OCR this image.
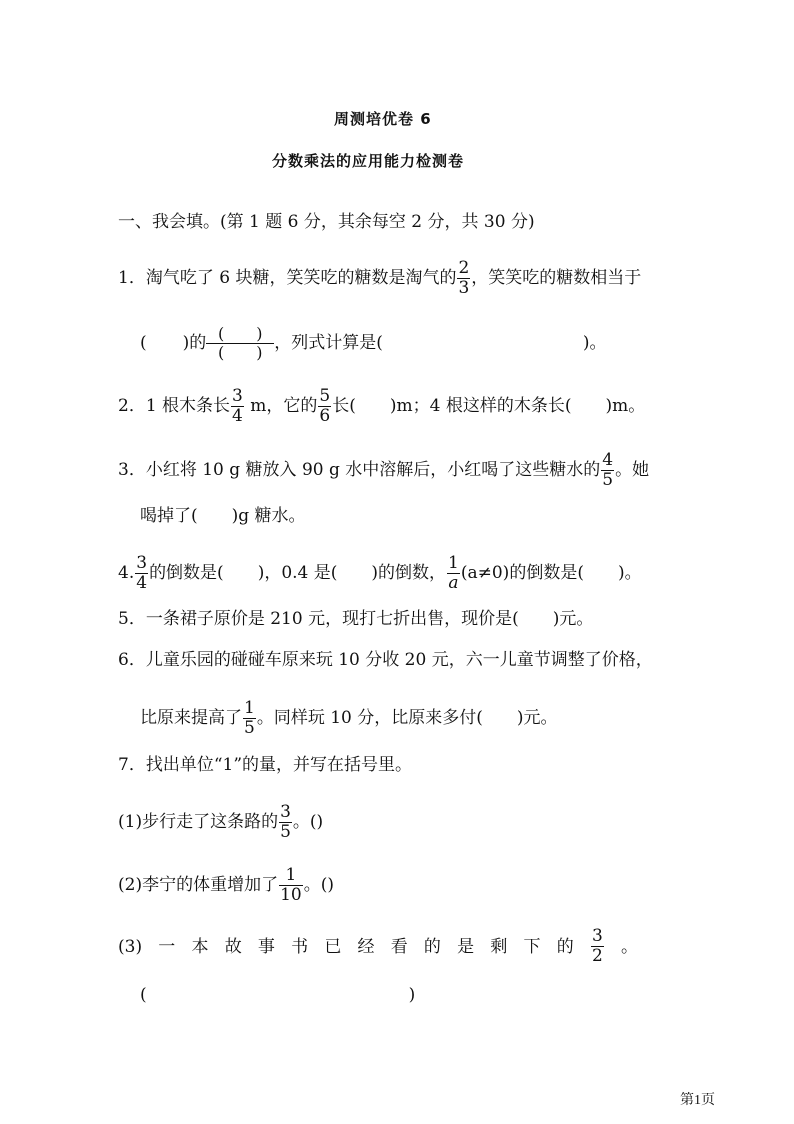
周测培优卷 6
分数乘法的应用能力检测卷
一、我会填。(第 1 题 6 分，其余每空 2 分，共 30 分)
1．淘气吃了 6 块糖，笑笑吃的糖数是淘气的 $\frac{2}{3}$ ，笑笑吃的糖数相当于
( )的 $\frac{( )}{( )}$，列式计算是(	)。
2．1 根木条长 $\frac{3}{4}$ m，它的 $\frac{5}{6}$ 长(　　)m；4 根这样的木条长(　　)m。
3．小红将 10 g 糖放入 90 g 水中溶解后，小红喝了这些糖水的 $\frac{4}{5}$ 。她
喝掉了(　　)g 糖水。
4. $\frac{3}{4}$ 的倒数是(　　)，0.4 是(　　)的倒数， $\frac{1}{a} (a\ne 0)$的倒数是(　　)。
5．一条裙子原价是 210 元，现打七折出售，现价是(　　)元。
6．儿童乐园的碰碰车原来玩 10 分收 20 元，六一儿童节调整了价格，
比原来提高了 $\frac{1}{5}$ 。同样玩 10 分，比原来多付(　　)元。
7．找出单位“1”的量，并写在括号里。
(1)步行走了这条路的 $\frac{3}{5}$ 。()
(2)李宁的体重增加了 $\frac{1}{10}$ 。()
(3) 一 本 故 事 书 已 经 看 的 是 剩 下 的 $\frac{3}{2}$ 。
(	)
第1页
